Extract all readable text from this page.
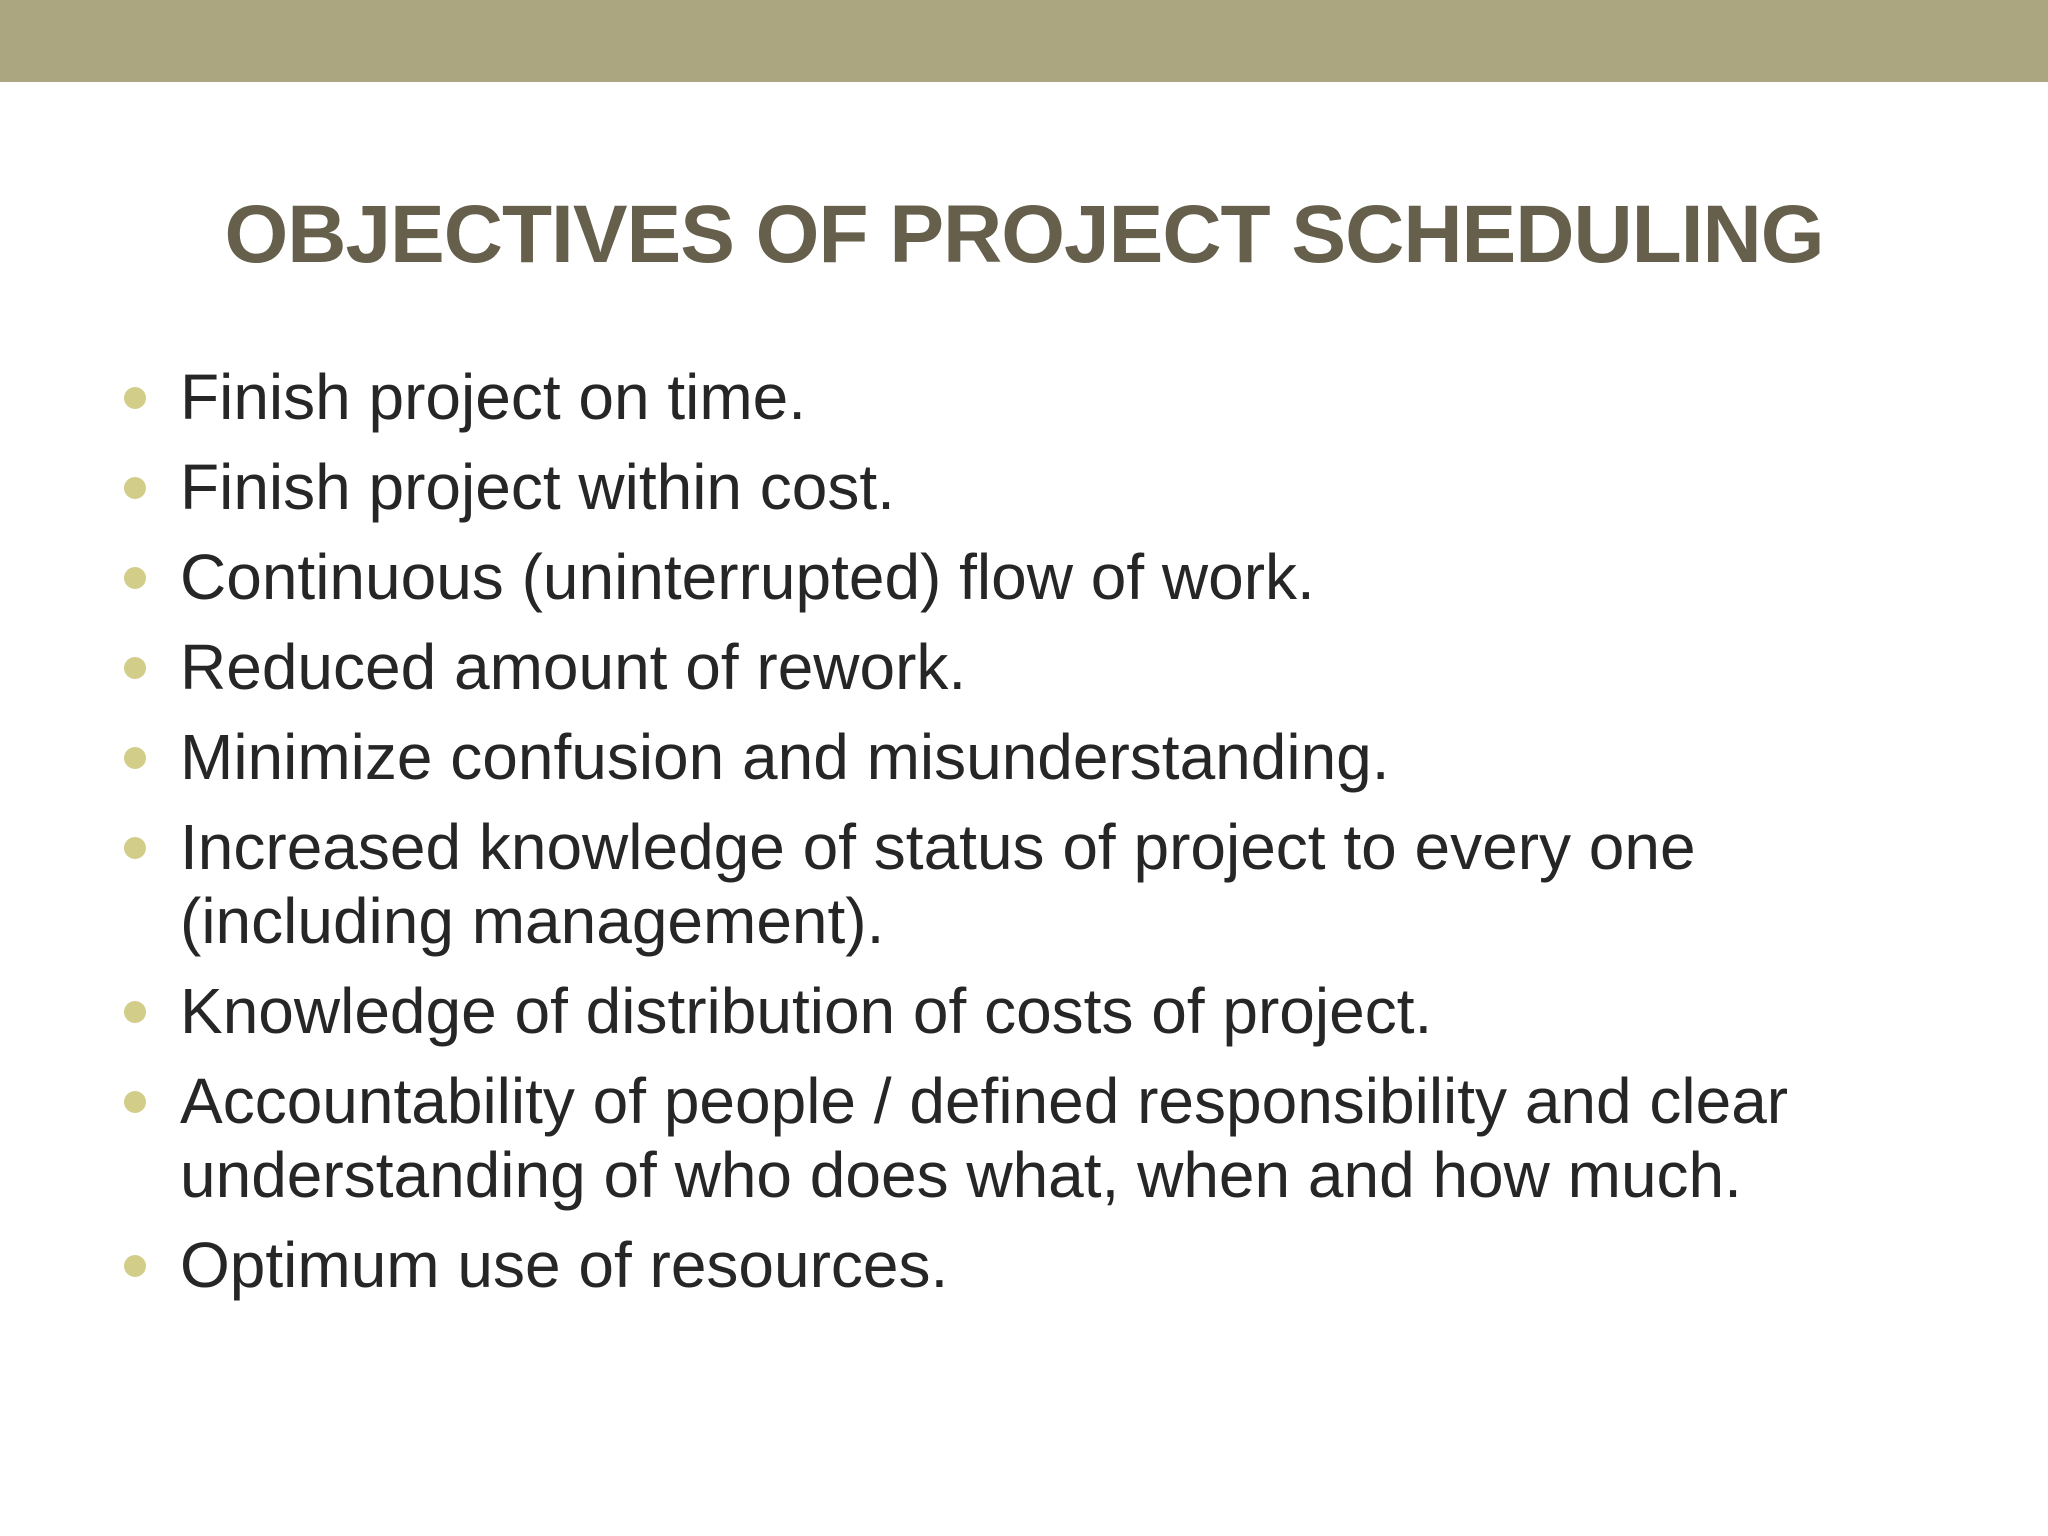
OBJECTIVES OF PROJECT SCHEDULING
Finish project on time.
Finish project within cost.
Continuous (uninterrupted) flow of work.
Reduced amount of rework.
Minimize confusion and misunderstanding.
Increased knowledge of status of project to every one (including management).
Knowledge of distribution of costs of project.
Accountability of people / defined responsibility and clear understanding of who does what, when and how much.
Optimum use of resources.
